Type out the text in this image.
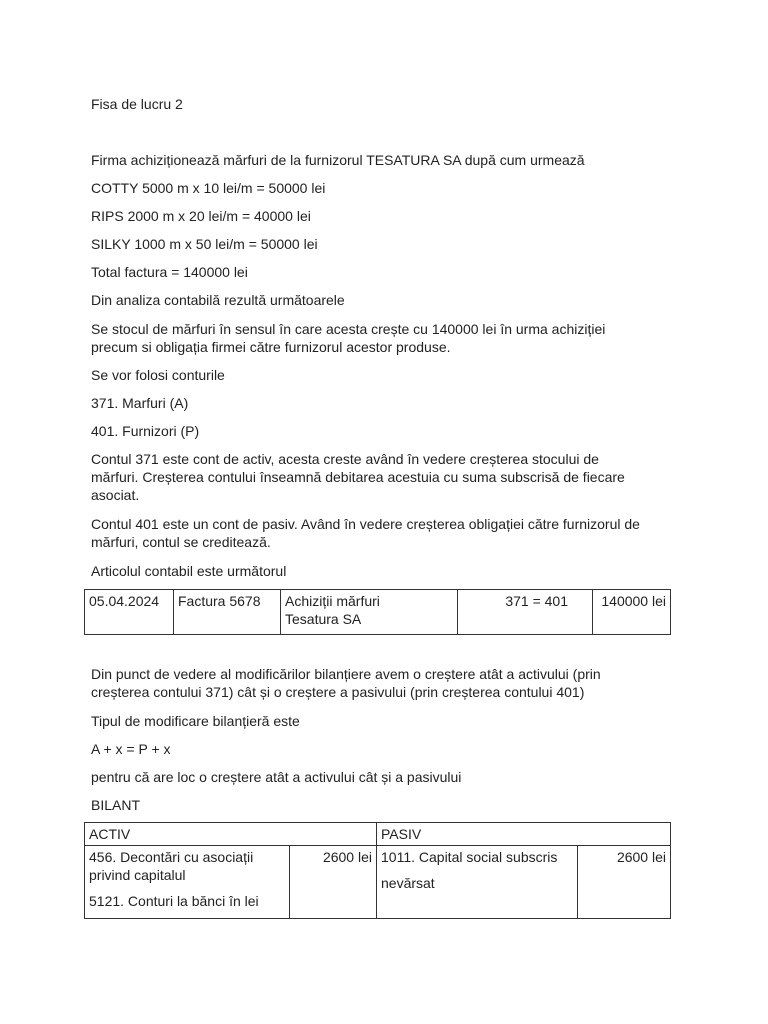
Fisa de lucru 2

Firma achiziționează mărfuri de la furnizorul TESATURA SA după cum urmează

COTTY 5000 m x 10 lei/m = 50000 lei

RIPS 2000 m x 20 lei/m = 40000 lei

SILKY 1000 m x 50 lei/m = 50000 lei

Total factura = 140000 lei

Din analiza contabilă rezultă următoarele

Se stocul de mărfuri în sensul în care acesta crește cu 140000 lei în urma achiziției

precum si obligația firmei către furnizorul acestor produse.

Se vor folosi conturile

371. Marfuri (A)

401. Furnizori (P)

Contul 371 este cont de activ, acesta creste având în vedere creșterea stocului de

mărfuri. Creșterea contului înseamnă debitarea acestuia cu suma subscrisă de fiecare

asociat.

Contul 401 este un cont de pasiv. Având în vedere creșterea obligației către furnizorul de

mărfuri, contul se creditează.

Articolul contabil este următorul

05.04.2024	Factura 5678	Achiziții mărfuri
Tesatura SA
	371 = 401	140000 lei

Din punct de vedere al modificărilor bilanțiere avem o creștere atât a activului (prin

creșterea contului 371) cât și o creștere a pasivului (prin creșterea contului 401)

Tipul de modificare bilanțieră este

A + x = P + x

pentru că are loc o creștere atât a activului cât și a pasivului

BILANT

ACTIV		PASIV	

456. Decontări cu asociații
privind capitalul
5121. Conturi la bănci în lei	2600 lei	1011. Capital social subscris
nevărsat	2600 lei
